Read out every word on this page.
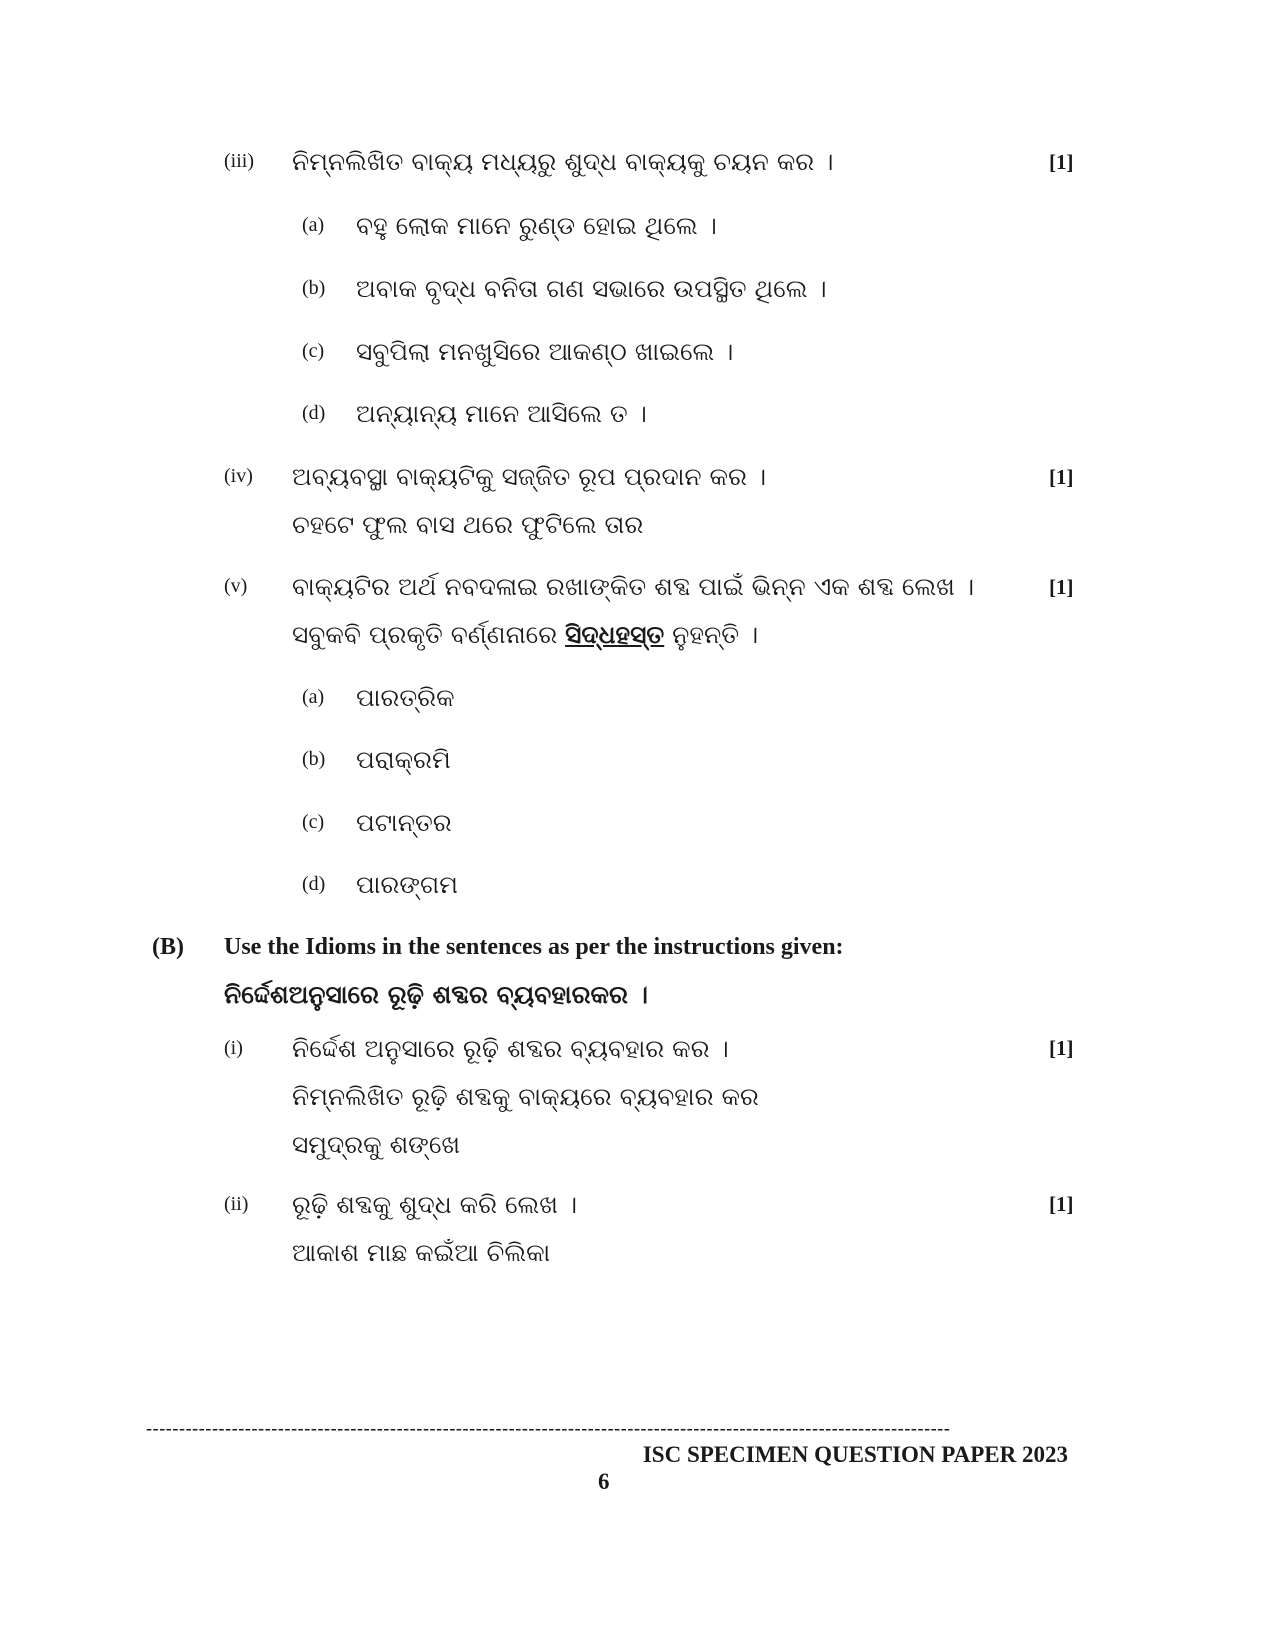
(iii) ନିମ୍ନଲିଖିତ ବାକ୍ୟ ମଧ୍ୟରୁ ଶୁଦ୍ଧ ବାକ୍ୟକୁ ଚୟନ କର ।	[1]
(a) ବହୁ ଲୋକ ମାନେ ରୁଣ୍ଡ ହୋଇ ଥିଲେ ।
(b) ଅବାକ ବୃଦ୍ଧ ବନିତା ଗଣ ସଭାରେ ଉପସ୍ଥିତ ଥିଲେ ।
(c) ସବୁପିଲା ମନଖୁସିରେ ଆକଣ୍ଠ ଖାଇଲେ ।
(d) ଅନ୍ୟାନ୍ୟ ମାନେ ଆସିଲେ ତ ।
(iv) ଅବ୍ୟବସ୍ଥା ବାକ୍ୟଟିକୁ ସଜ୍ଜିତ ରୂପ ପ୍ରଦାନ କର ।	[1]
ଚହଟେ ଫୁଲ ବାସ ଥରେ ଫୁଟିଲେ ତାର
(v) ବାକ୍ୟଟିର ଅର୍ଥ ନବଦଳାଇ ରଖାଙ୍କିତ ଶବ୍ଦ ପାଇଁ ଭିନ୍ନ ଏକ ଶବ୍ଦ ଲେଖ ।	[1]
ସବୁକବି ପ୍ରକୃତି ବର୍ଣ୍ଣନାରେ ସିଦ୍ଧହସ୍ତ ନୁହନ୍ତି ।
(a) ପାରତ୍ରିକ
(b) ପରାକ୍ରମି
(c) ପଟାନ୍ତର
(d) ପାରଙ୍ଗମ
(B) Use the Idioms in the sentences as per the instructions given:
ନିର୍ଦ୍ଦେଶଅନୁସାରେ ରୂଢ଼ି ଶବ୍ଦର ବ୍ୟବହାରକର ।
(i) ନିର୍ଦ୍ଦେଶ ଅନୁସାରେ ରୂଢ଼ି ଶବ୍ଦର ବ୍ୟବହାର କର ।	[1]
ନିମ୍ନଲିଖିତ ରୂଢ଼ି ଶବ୍ଦକୁ ବାକ୍ୟରେ ବ୍ୟବହାର କର
ସମୁଦ୍ରକୁ ଶଙ୍ଖେ
(ii) ରୂଢ଼ି ଶବ୍ଦକୁ ଶୁଦ୍ଧ କରି ଲେଖ ।	[1]
ଆକାଶ ମାଛ କଇଁଆ ଚିଲିକା
--------------------------------------------------------------------------------------------------------------------------
ISC SPECIMEN QUESTION PAPER 2023
6
